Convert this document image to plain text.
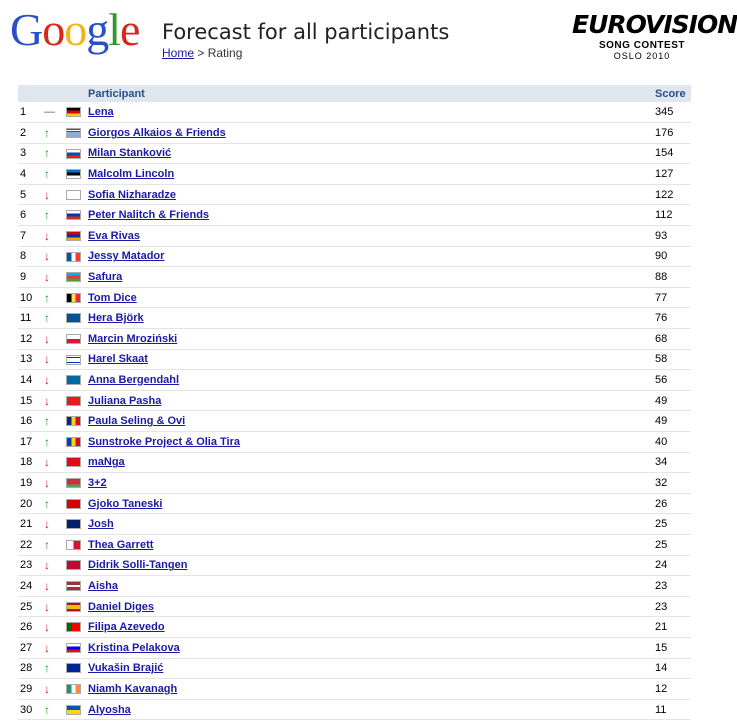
Google Forecast for all participants
Home > Rating
EUROVISION
SONG CONTEST
OSLO 2010
			Participant	Score
1	—		Lena	345
2	↑		Giorgos Alkaios & Friends	176
3	↑		Milan Stanković	154
4	↑		Malcolm Lincoln	127
5	↓		Sofia Nizharadze	122
6	↑		Peter Nalitch & Friends	112
7	↓		Eva Rivas	93
8	↓		Jessy Matador	90
9	↓		Safura	88
10	↑		Tom Dice	77
11	↑		Hera Björk	76
12	↓		Marcin Mroziński	68
13	↓		Harel Skaat	58
14	↓		Anna Bergendahl	56
15	↓		Juliana Pasha	49
16	↑		Paula Seling & Ovi	49
17	↑		Sunstroke Project & Olia Tira	40
18	↓		maNga	34
19	↓		3+2	32
20	↑		Gjoko Taneski	26
21	↓		Josh	25
22	↑		Thea Garrett	25
23	↓		Didrik Solli-Tangen	24
24	↓		Aisha	23
25	↓		Daniel Diges	23
26	↓		Filipa Azevedo	21
27	↓		Kristina Pelakova	15
28	↑		Vukašin Brajić	14
29	↓		Niamh Kavanagh	12
30	↑		Alyosha	11
